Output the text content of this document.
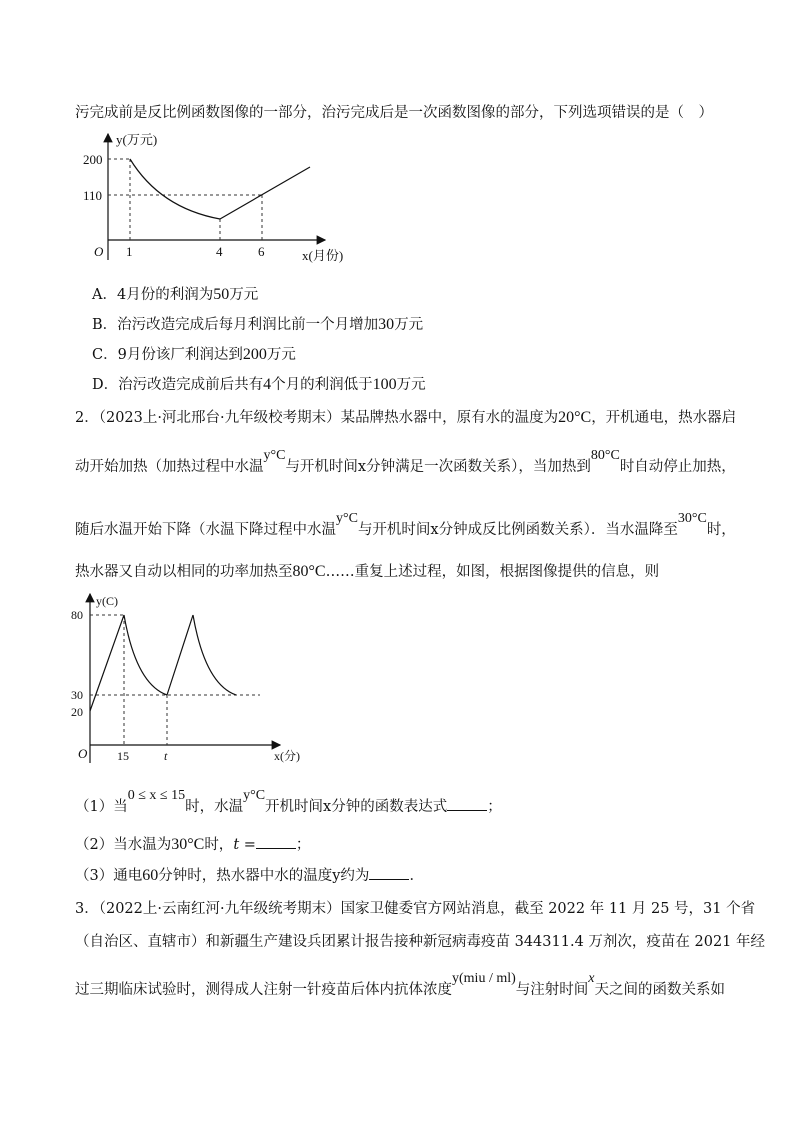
污完成前是反比例函数图像的一部分，治污完成后是一次函数图像的部分，下列选项错误的是（　）
y(万元)
x(月份)
O
200
110
1	4	6
A．4月份的利润为50万元
B．治污改造完成后每月利润比前一个月增加30万元
C．9月份该厂利润达到200万元
D．治污改造完成前后共有4个月的利润低于100万元
2．（2023上·河北邢台·九年级校考期末）某品牌热水器中，原有水的温度为20°C，开机通电，热水器启
动开始加热（加热过程中水温y°C与开机时间x分钟满足一次函数关系），当加热到80°C时自动停止加热，
随后水温开始下降（水温下降过程中水温y°C与开机时间x分钟成反比例函数关系）．当水温降至30°C时，
热水器又自动以相同的功率加热至80°C……重复上述过程，如图，根据图像提供的信息，则
y(C)
x(分)
O
80
30
20
15	t
（1）当0 ≤ x ≤ 15时，水温y°C开机时间x分钟的函数表达式	；
（2）当水温为30°C时，t =	；
（3）通电60分钟时，热水器中水的温度y约为	．
3．（2022上·云南红河·九年级统考期末）国家卫健委官方网站消息，截至 2022 年 11 月 25 号，31 个省
（自治区、直辖市）和新疆生产建设兵团累计报告接种新冠病毒疫苗 344311.4 万剂次，疫苗在 2021 年经
过三期临床试验时，测得成人注射一针疫苗后体内抗体浓度y(miu / ml)与注射时间x天之间的函数关系如
